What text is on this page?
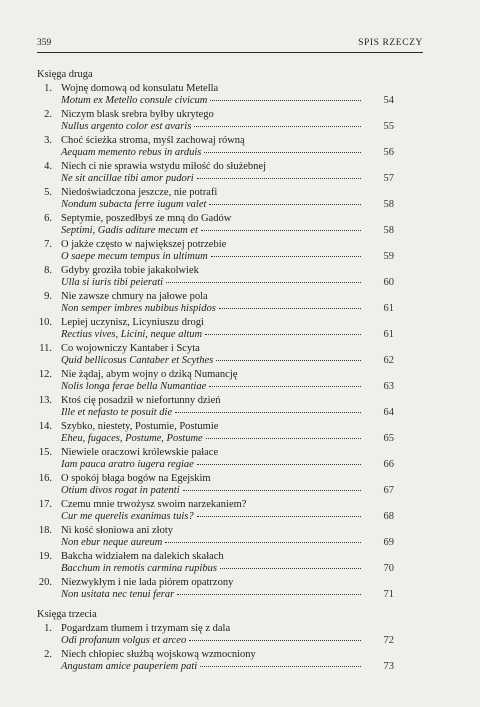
359	SPIS RZECZY
Księga druga
1. Wojnę domową od konsulatu Metella
Motum ex Metello consule civicum	54
2. Niczym blask srebra byłby ukrytego
Nullus argento color est avaris	55
3. Choć ścieżka stroma, myśl zachowaj równą
Aequam memento rebus in arduis	56
4. Niech ci nie sprawia wstydu miłość do służebnej
Ne sit ancillae tibi amor pudori	57
5. Niedoświadczona jeszcze, nie potrafi
Nondum subacta ferre iugum valet	58
6. Septymie, poszedłbyś ze mną do Gadów
Septimi, Gadis aditure mecum et	58
7. O jakże często w największej potrzebie
O saepe mecum tempus in ultimum	59
8. Gdyby groziła tobie jakakolwiek
Ulla si iuris tibi peierati	60
9. Nie zawsze chmury na jałowe pola
Non semper imbres nubibus hispidos	61
10. Lepiej uczynisz, Licyniuszu drogi
Rectius vives, Licini, neque altum	61
11. Co wojowniczy Kantaber i Scyta
Quid bellicosus Cantaber et Scythes	62
12. Nie żądaj, abym wojny o dziką Numancję
Nolis longa ferae bella Numantiae	63
13. Ktoś cię posadził w niefortunny dzień
Ille et nefasto te posuit die	64
14. Szybko, niestety, Postumie, Postumie
Eheu, fugaces, Postume, Postume	65
15. Niewiele oraczowi królewskie pałace
Iam pauca aratro iugera regiae	66
16. O spokój błaga bogów na Egejskim
Otium divos rogat in patenti	67
17. Czemu mnie trwożysz swoim narzekaniem?
Cur me querelis exanimas tuis?	68
18. Ni kość słoniowa ani złoty
Non ebur neque aureum	69
19. Bakcha widziałem na dalekich skałach
Bacchum in remotis carmina rupibus	70
20. Niezwykłym i nie lada piórem opatrzony
Non usitata nec tenui ferar	71
Księga trzecia
1. Pogardzam tłumem i trzymam się z dala
Odi profanum volgus et arceo	72
2. Niech chłopiec służbą wojskową wzmocniony
Angustam amice pauperiem pati	73
